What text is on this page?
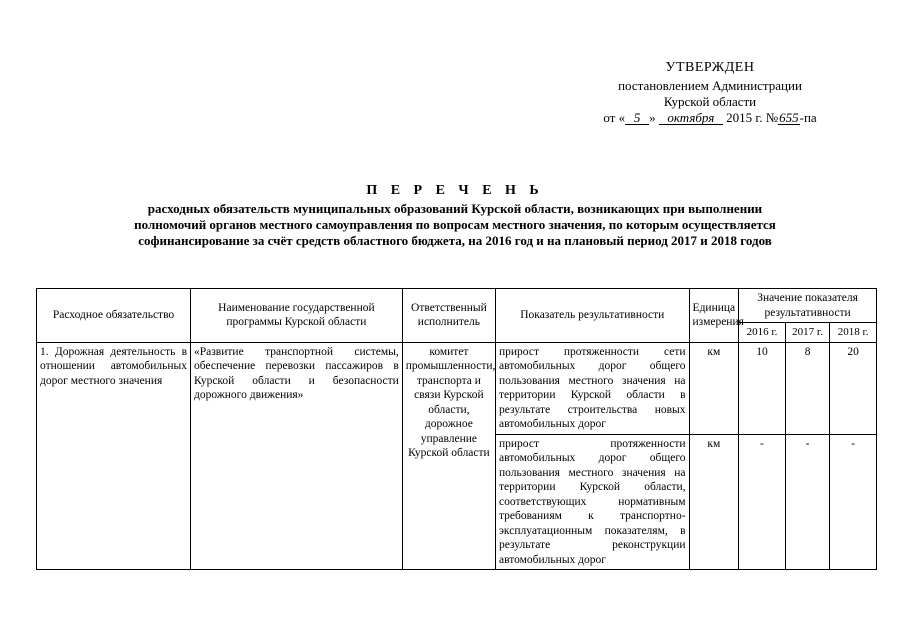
УТВЕРЖДЕН
постановлением Администрации
Курской области
от « 5 » октября 2015 г. №655-па
П Е Р Е Ч Е Н Ь
расходных обязательств муниципальных образований Курской области, возникающих при выполнении
полномочий органов местного самоуправления по вопросам местного значения, по которым осуществляется
софинансирование за счёт средств областного бюджета, на 2016 год и на плановый период 2017 и 2018 годов
Расходное обязательство	Наименование государственной программы Курской области	Ответственный исполнитель	Показатель результативности	Единица измерения	Значение показателя результативности		
					2016 г.	2017 г.	2018 г.
1. Дорожная деятельность в отношении автомобильных дорог местного значения	«Развитие транспортной системы, обеспечение перевозки пассажиров в Курской области и безопасности дорожного движения»	комитет промышленности, транспорта и связи Курской области, дорожное управление Курской области	прирост протяженности сети автомобильных дорог общего пользования местного значения на территории Курской области в результате строительства новых автомобильных дорог	км	10	8	20
			прирост протяженности автомобильных дорог общего пользования местного значения на территории Курской области, соответствующих нормативным требованиям к транспортно-эксплуатационным показателям, в результате реконструкции автомобильных дорог	км	-	-	-
